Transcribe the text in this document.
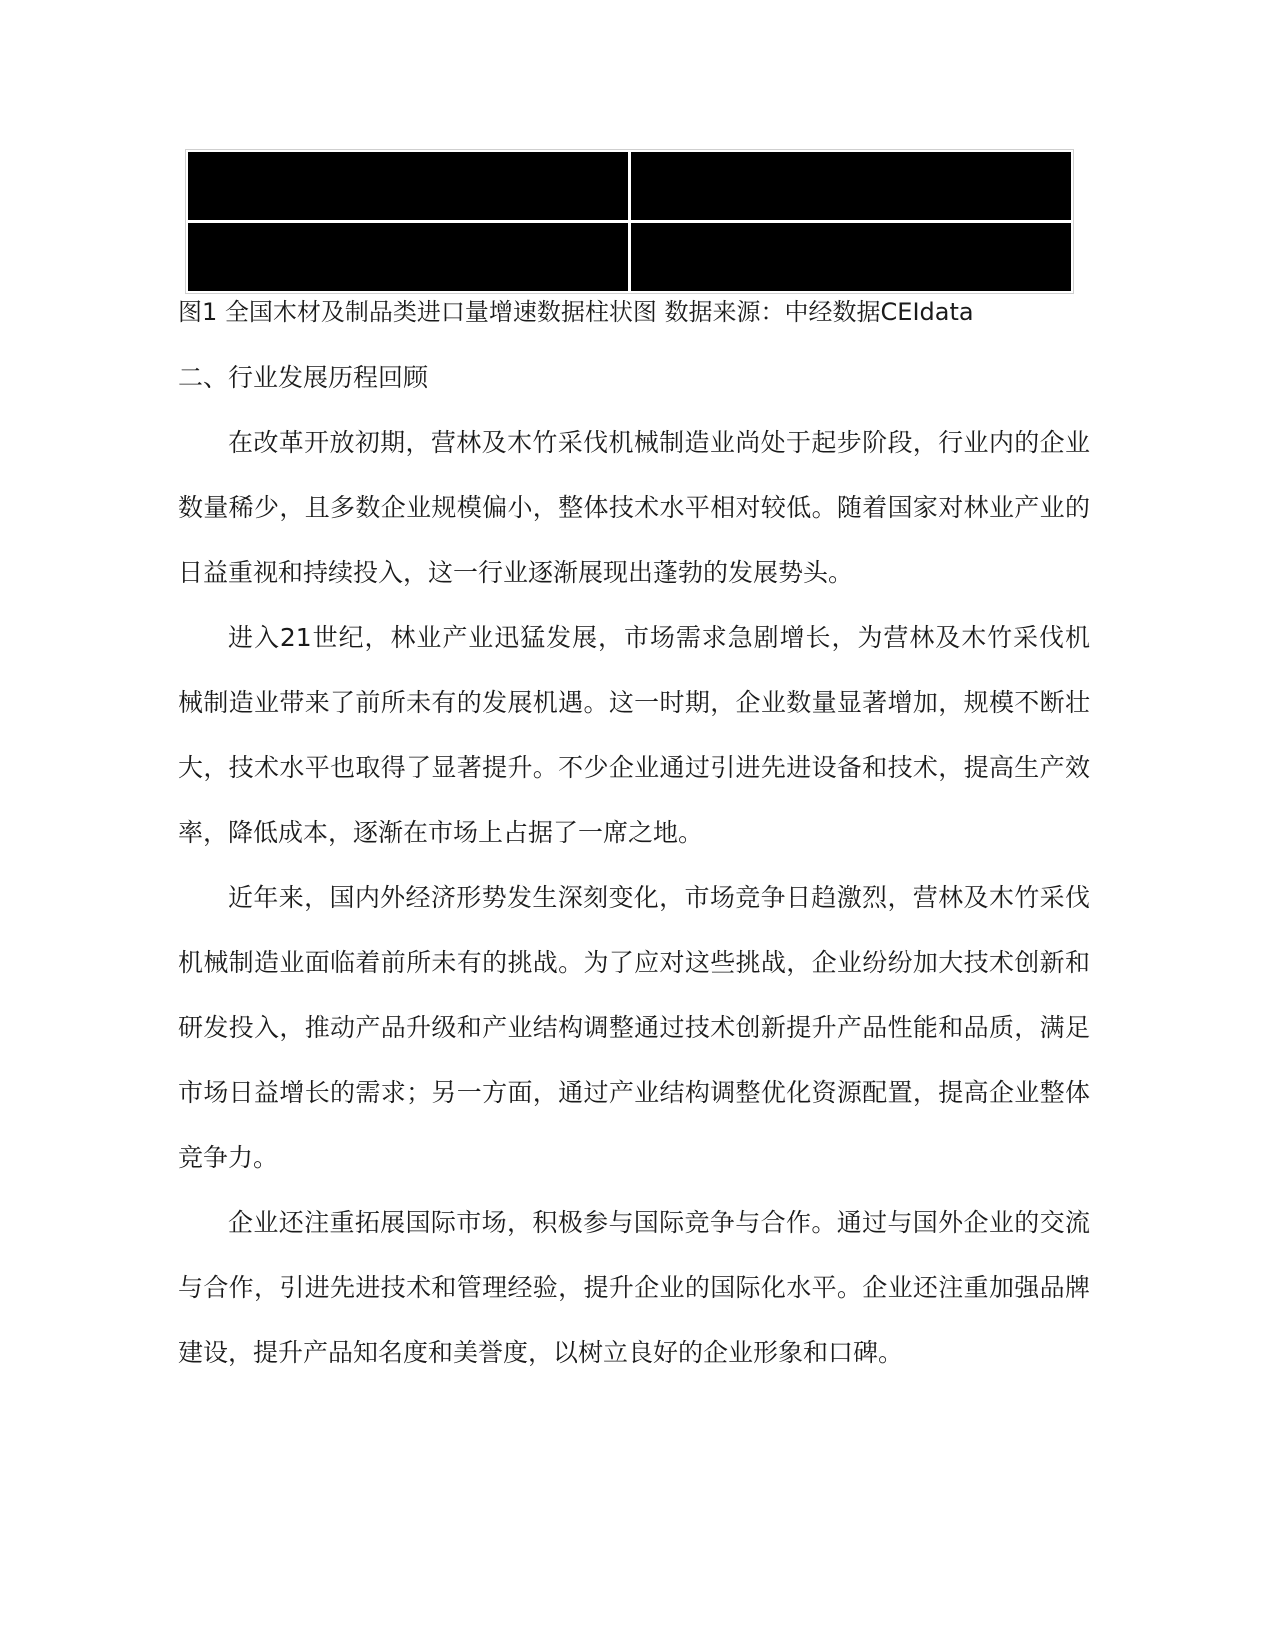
图1 全国木材及制品类进口量增速数据柱状图 数据来源：中经数据CEIdata
二、行业发展历程回顾
在改革开放初期，营林及木竹采伐机械制造业尚处于起步阶段，行业内的企业
数量稀少，且多数企业规模偏小，整体技术水平相对较低。随着国家对林业产业的
日益重视和持续投入，这一行业逐渐展现出蓬勃的发展势头。
进入21世纪，林业产业迅猛发展，市场需求急剧增长，为营林及木竹采伐机
械制造业带来了前所未有的发展机遇。这一时期，企业数量显著增加，规模不断壮
大，技术水平也取得了显著提升。不少企业通过引进先进设备和技术，提高生产效
率，降低成本，逐渐在市场上占据了一席之地。
近年来，国内外经济形势发生深刻变化，市场竞争日趋激烈，营林及木竹采伐
机械制造业面临着前所未有的挑战。为了应对这些挑战，企业纷纷加大技术创新和
研发投入，推动产品升级和产业结构调整通过技术创新提升产品性能和品质，满足
市场日益增长的需求；另一方面，通过产业结构调整优化资源配置，提高企业整体
竞争力。
企业还注重拓展国际市场，积极参与国际竞争与合作。通过与国外企业的交流
与合作，引进先进技术和管理经验，提升企业的国际化水平。企业还注重加强品牌
建设，提升产品知名度和美誉度，以树立良好的企业形象和口碑。
